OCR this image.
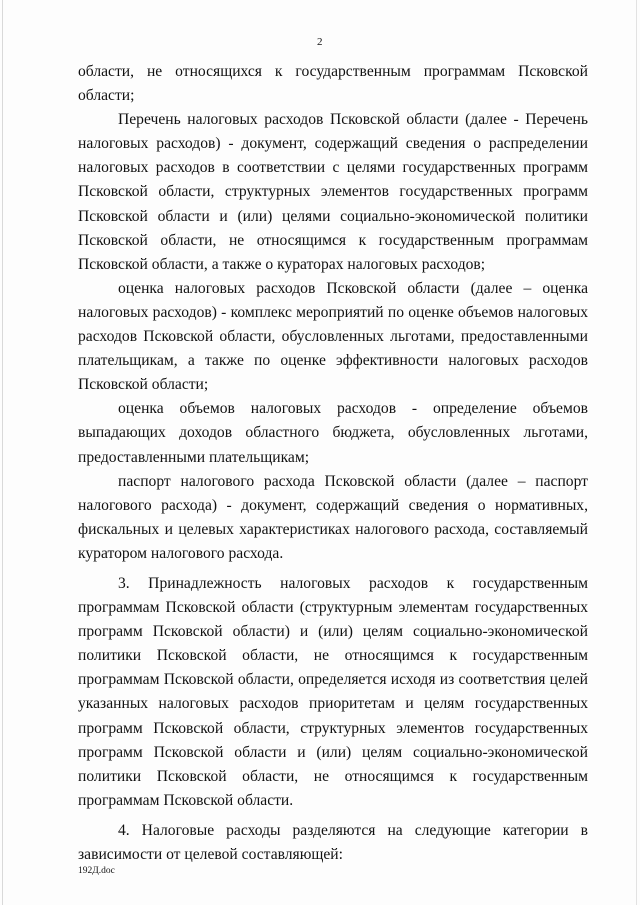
2

области, не относящихся к государственным программам Псковской области;

Перечень налоговых расходов Псковской области (далее - Перечень налоговых расходов) - документ, содержащий сведения о распределении налоговых расходов в соответствии с целями государственных программ Псковской области, структурных элементов государственных программ Псковской области и (или) целями социально-экономической политики Псковской области, не относящимся к государственным программам Псковской области, а также о кураторах налоговых расходов;

оценка налоговых расходов Псковской области (далее – оценка налоговых расходов) - комплекс мероприятий по оценке объемов налоговых расходов Псковской области, обусловленных льготами, предоставленными плательщикам, а также по оценке эффективности налоговых расходов Псковской области;

оценка объемов налоговых расходов - определение объемов выпадающих доходов областного бюджета, обусловленных льготами, предоставленными плательщикам;

паспорт налогового расхода Псковской области (далее – паспорт налогового расхода) - документ, содержащий сведения о нормативных, фискальных и целевых характеристиках налогового расхода, составляемый куратором налогового расхода.

3. Принадлежность налоговых расходов к государственным программам Псковской области (структурным элементам государственных программ Псковской области) и (или) целям социально-экономической политики Псковской области, не относящимся к государственным программам Псковской области, определяется исходя из соответствия целей указанных налоговых расходов приоритетам и целям государственных программ Псковской области, структурных элементов государственных программ Псковской области и (или) целям социально-экономической политики Псковской области, не относящимся к государственным программам Псковской области.

4. Налоговые расходы разделяются на следующие категории в зависимости от целевой составляющей:

192Д.doc
